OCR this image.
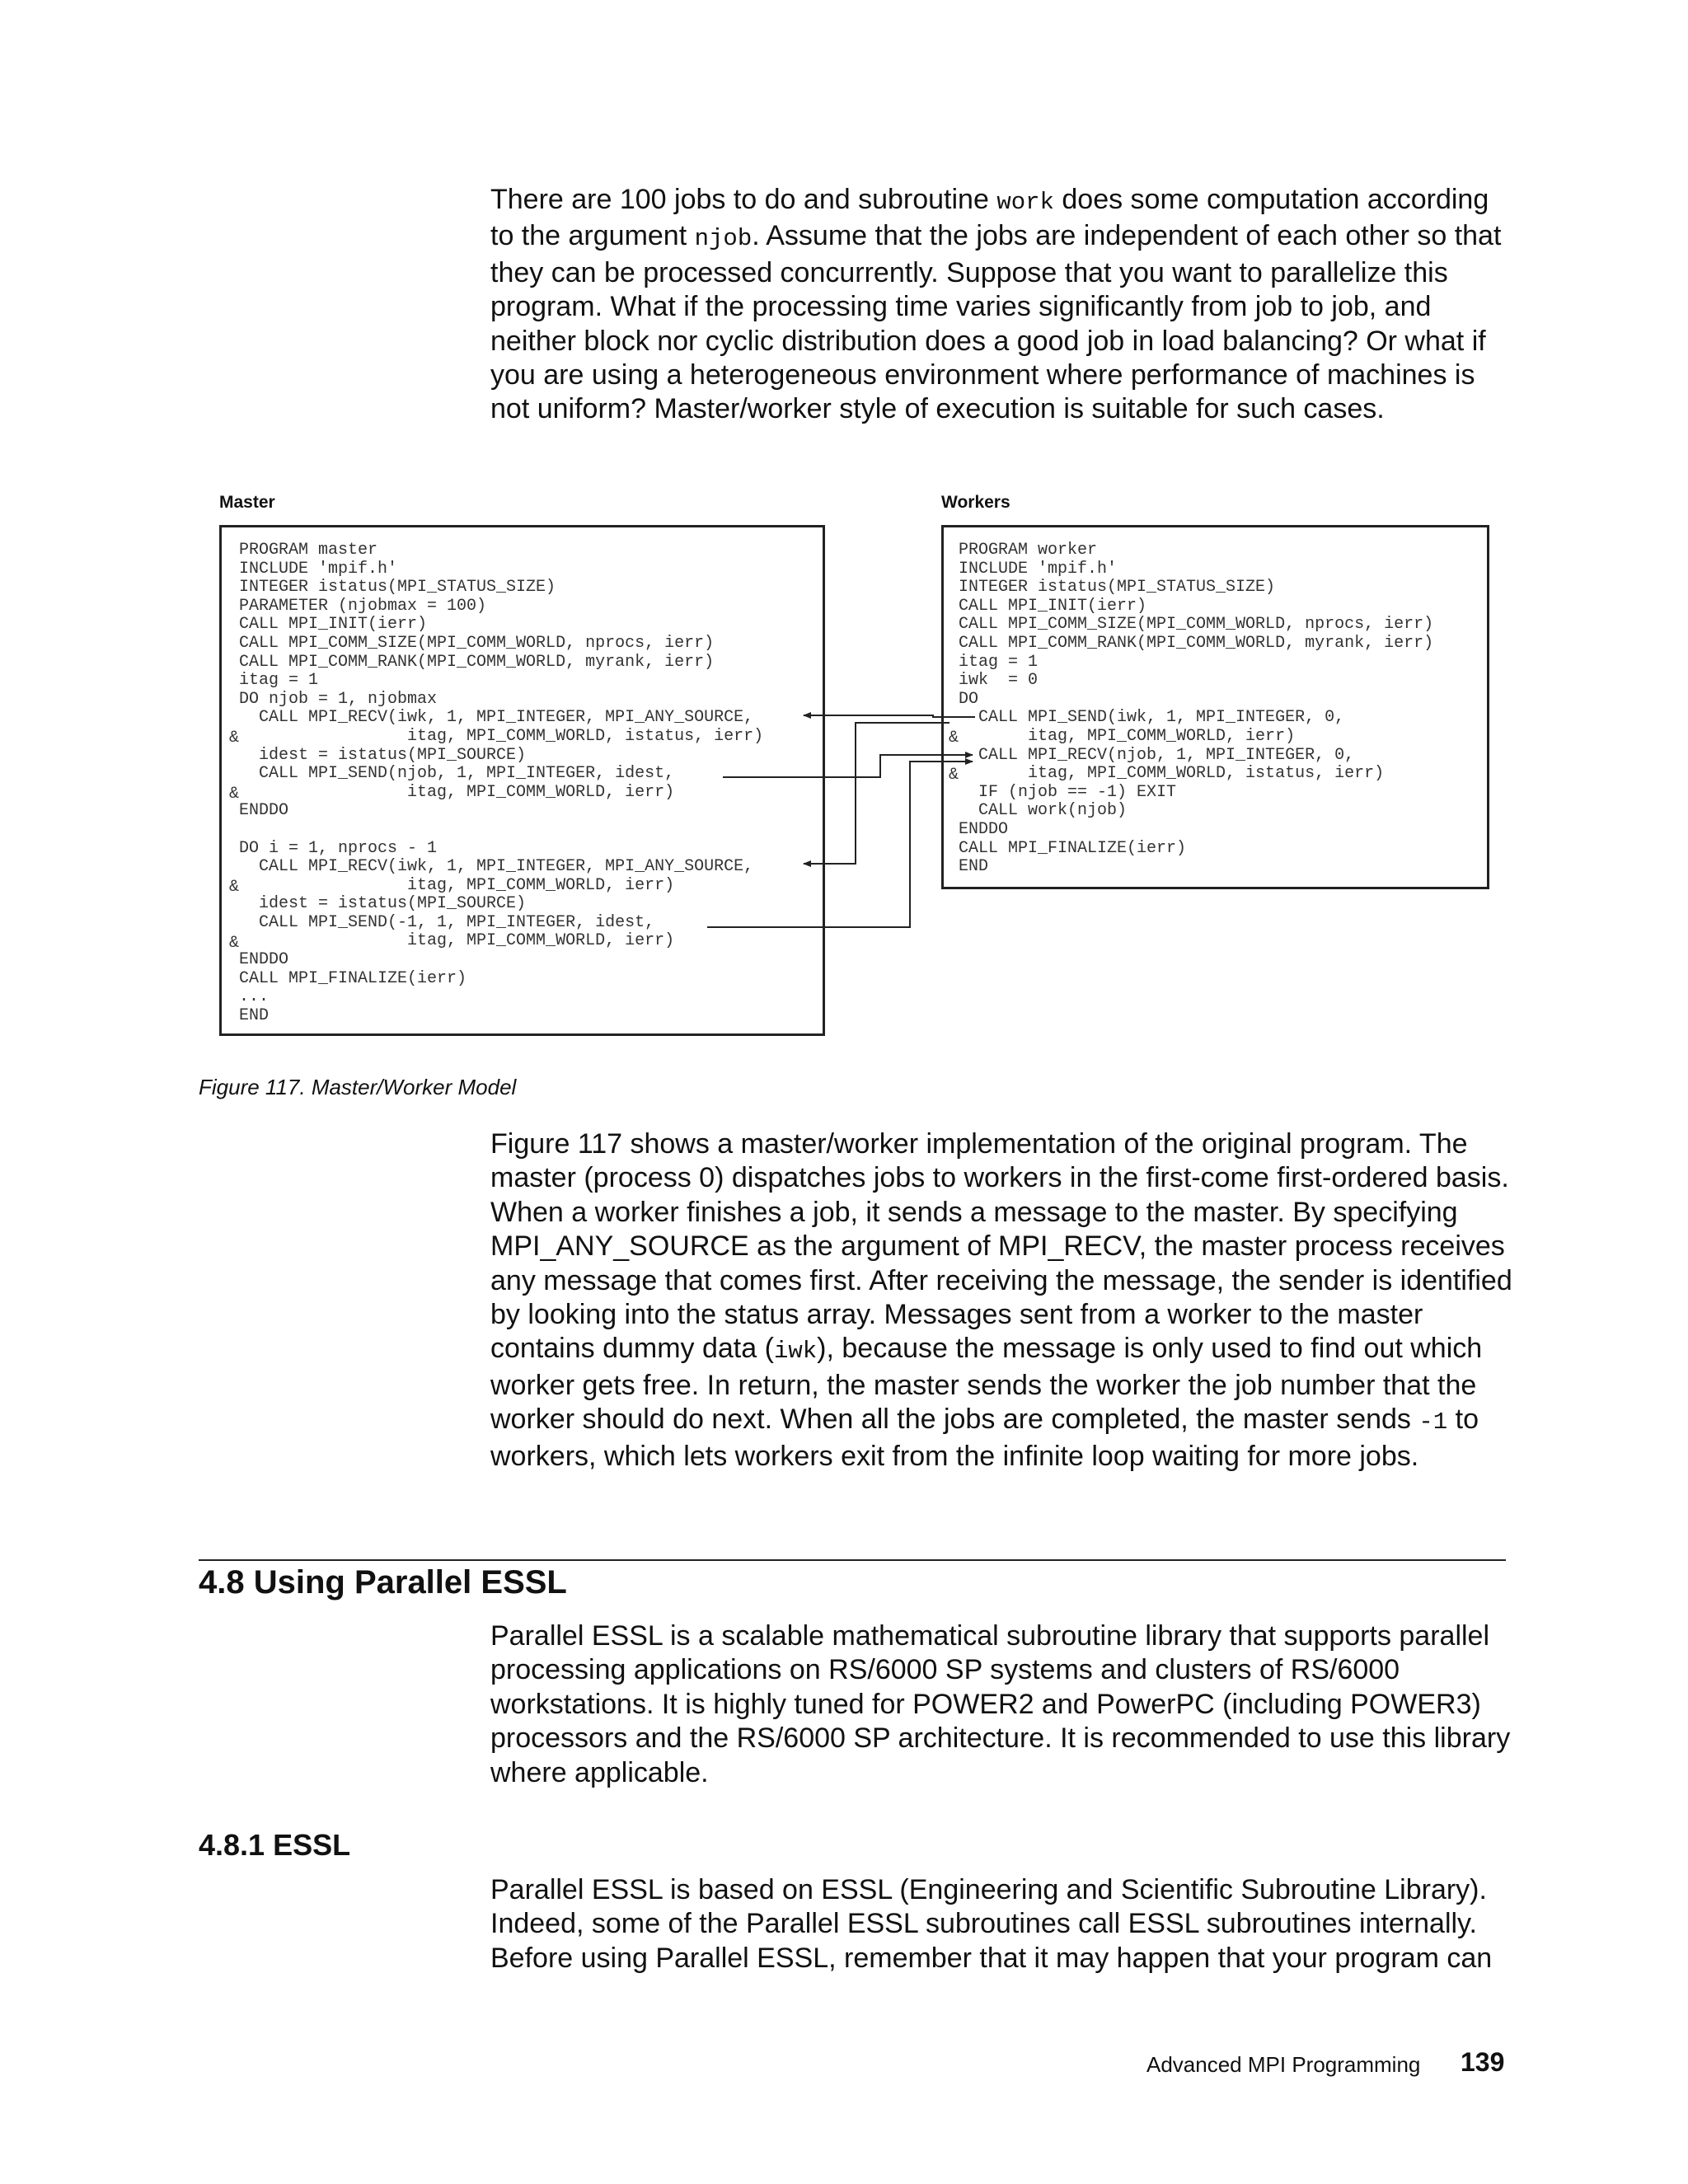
There are 100 jobs to do and subroutine work does some computation according to the argument njob. Assume that the jobs are independent of each other so that they can be processed concurrently. Suppose that you want to parallelize this program. What if the processing time varies significantly from job to job, and neither block nor cyclic distribution does a good job in load balancing? Or what if you are using a heterogeneous environment where performance of machines is not uniform? Master/worker style of execution is suitable for such cases.

Master	Workers
PROGRAM master
INCLUDE 'mpif.h'
INTEGER istatus(MPI_STATUS_SIZE)
PARAMETER (njobmax = 100)
CALL MPI_INIT(ierr)
CALL MPI_COMM_SIZE(MPI_COMM_WORLD, nprocs, ierr)
CALL MPI_COMM_RANK(MPI_COMM_WORLD, myrank, ierr)
itag = 1
DO njob = 1, njobmax
CALL MPI_RECV(iwk, 1, MPI_INTEGER, MPI_ANY_SOURCE,
itag, MPI_COMM_WORLD, istatus, ierr)
idest = istatus(MPI_SOURCE)
CALL MPI_SEND(njob, 1, MPI_INTEGER, idest,
itag, MPI_COMM_WORLD, ierr)
ENDDO

DO i = 1, nprocs - 1
CALL MPI_RECV(iwk, 1, MPI_INTEGER, MPI_ANY_SOURCE,
itag, MPI_COMM_WORLD, ierr)
idest = istatus(MPI_SOURCE)
CALL MPI_SEND(-1, 1, MPI_INTEGER, idest,
itag, MPI_COMM_WORLD, ierr)
ENDDO
CALL MPI_FINALIZE(ierr)
...
END
PROGRAM worker
INCLUDE 'mpif.h'
INTEGER istatus(MPI_STATUS_SIZE)
CALL MPI_INIT(ierr)
CALL MPI_COMM_SIZE(MPI_COMM_WORLD, nprocs, ierr)
CALL MPI_COMM_RANK(MPI_COMM_WORLD, myrank, ierr)
itag = 1
iwk  = 0
DO
CALL MPI_SEND(iwk, 1, MPI_INTEGER, 0,
itag, MPI_COMM_WORLD, ierr)
CALL MPI_RECV(njob, 1, MPI_INTEGER, 0,
itag, MPI_COMM_WORLD, istatus, ierr)
IF (njob == -1) EXIT
CALL work(njob)
ENDDO
CALL MPI_FINALIZE(ierr)
END
&
&
&
&
&
&
Figure 117. Master/Worker Model

Figure 117 shows a master/worker implementation of the original program. The master (process 0) dispatches jobs to workers in the first-come first-ordered basis. When a worker finishes a job, it sends a message to the master. By specifying MPI_ANY_SOURCE as the argument of MPI_RECV, the master process receives any message that comes first. After receiving the message, the sender is identified by looking into the status array. Messages sent from a worker to the master contains dummy data (iwk), because the message is only used to find out which worker gets free. In return, the master sends the worker the job number that the worker should do next. When all the jobs are completed, the master sends -1 to workers, which lets workers exit from the infinite loop waiting for more jobs.

4.8 Using Parallel ESSL

Parallel ESSL is a scalable mathematical subroutine library that supports parallel processing applications on RS/6000 SP systems and clusters of RS/6000 workstations. It is highly tuned for POWER2 and PowerPC (including POWER3) processors and the RS/6000 SP architecture. It is recommended to use this library where applicable.

4.8.1 ESSL

Parallel ESSL is based on ESSL (Engineering and Scientific Subroutine Library). Indeed, some of the Parallel ESSL subroutines call ESSL subroutines internally. Before using Parallel ESSL, remember that it may happen that your program can

Advanced MPI Programming 139
